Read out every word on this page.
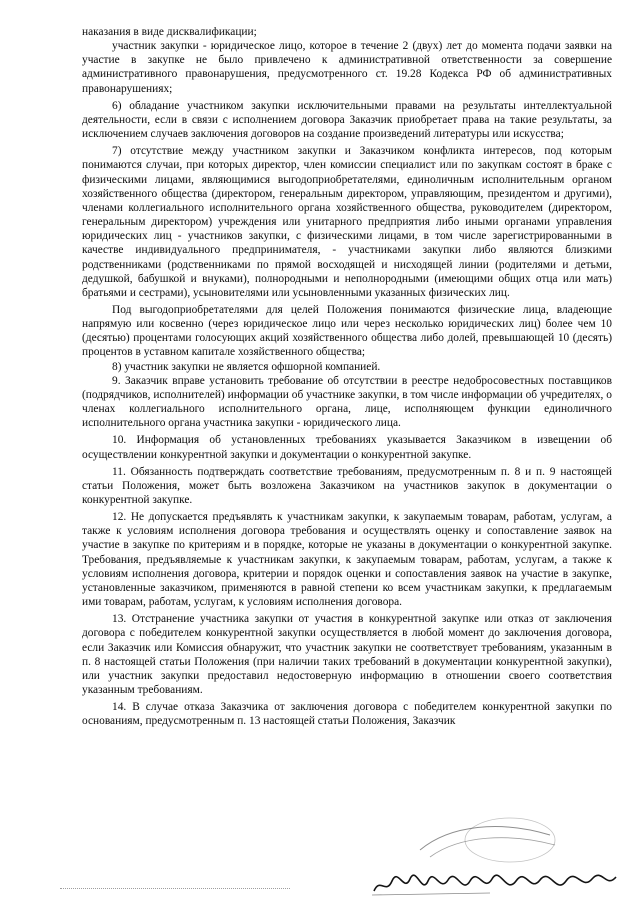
наказания в виде дисквалификации;

участник закупки - юридическое лицо, которое в течение 2 (двух) лет до момента подачи заявки на участие в закупке не было привлечено к административной ответственности за совершение административного правонарушения, предусмотренного ст. 19.28 Кодекса РФ об административных правонарушениях;

6) обладание участником закупки исключительными правами на результаты интеллектуальной деятельности, если в связи с исполнением договора Заказчик приобретает права на такие результаты, за исключением случаев заключения договоров на создание произведений литературы или искусства;

7) отсутствие между участником закупки и Заказчиком конфликта интересов, под которым понимаются случаи, при которых директор, член комиссии специалист или по закупкам состоят в браке с физическими лицами, являющимися выгодоприобретателями, единоличным исполнительным органом хозяйственного общества (директором, генеральным директором, управляющим, президентом и другими), членами коллегиального исполнительного органа хозяйственного общества, руководителем (директором, генеральным директором) учреждения или унитарного предприятия либо иными органами управления юридических лиц - участников закупки, с физическими лицами, в том числе зарегистрированными в качестве индивидуального предпринимателя, - участниками закупки либо являются близкими родственниками (родственниками по прямой восходящей и нисходящей линии (родителями и детьми, дедушкой, бабушкой и внуками), полнородными и неполнородными (имеющими общих отца или мать) братьями и сестрами), усыновителями или усыновленными указанных физических лиц.

Под выгодоприобретателями для целей Положения понимаются физические лица, владеющие напрямую или косвенно (через юридическое лицо или через несколько юридических лиц) более чем 10 (десятью) процентами голосующих акций хозяйственного общества либо долей, превышающей 10 (десять) процентов в уставном капитале хозяйственного общества;

8) участник закупки не является офшорной компанией.

9. Заказчик вправе установить требование об отсутствии в реестре недобросовестных поставщиков (подрядчиков, исполнителей) информации об участнике закупки, в том числе информации об учредителях, о членах коллегиального исполнительного органа, лице, исполняющем функции единоличного исполнительного органа участника закупки - юридического лица.

10. Информация об установленных требованиях указывается Заказчиком в извещении об осуществлении конкурентной закупки и документации о конкурентной закупке.

11. Обязанность подтверждать соответствие требованиям, предусмотренным п. 8 и п. 9 настоящей статьи Положения, может быть возложена Заказчиком на участников закупок в документации о конкурентной закупке.

12. Не допускается предъявлять к участникам закупки, к закупаемым товарам, работам, услугам, а также к условиям исполнения договора требования и осуществлять оценку и сопоставление заявок на участие в закупке по критериям и в порядке, которые не указаны в документации о конкурентной закупке. Требования, предъявляемые к участникам закупки, к закупаемым товарам, работам, услугам, а также к условиям исполнения договора, критерии и порядок оценки и сопоставления заявок на участие в закупке, установленные заказчиком, применяются в равной степени ко всем участникам закупки, к предлагаемым ими товарам, работам, услугам, к условиям исполнения договора.

13. Отстранение участника закупки от участия в конкурентной закупке или отказ от заключения договора с победителем конкурентной закупки осуществляется в любой момент до заключения договора, если Заказчик или Комиссия обнаружит, что участник закупки не соответствует требованиям, указанным в п. 8 настоящей статьи Положения (при наличии таких требований в документации конкурентной закупки), или участник закупки предоставил недостоверную информацию в отношении своего соответствия указанным требованиям.

14. В случае отказа Заказчика от заключения договора с победителем конкурентной закупки по основаниям, предусмотренным п. 13 настоящей статьи Положения, Заказчик
